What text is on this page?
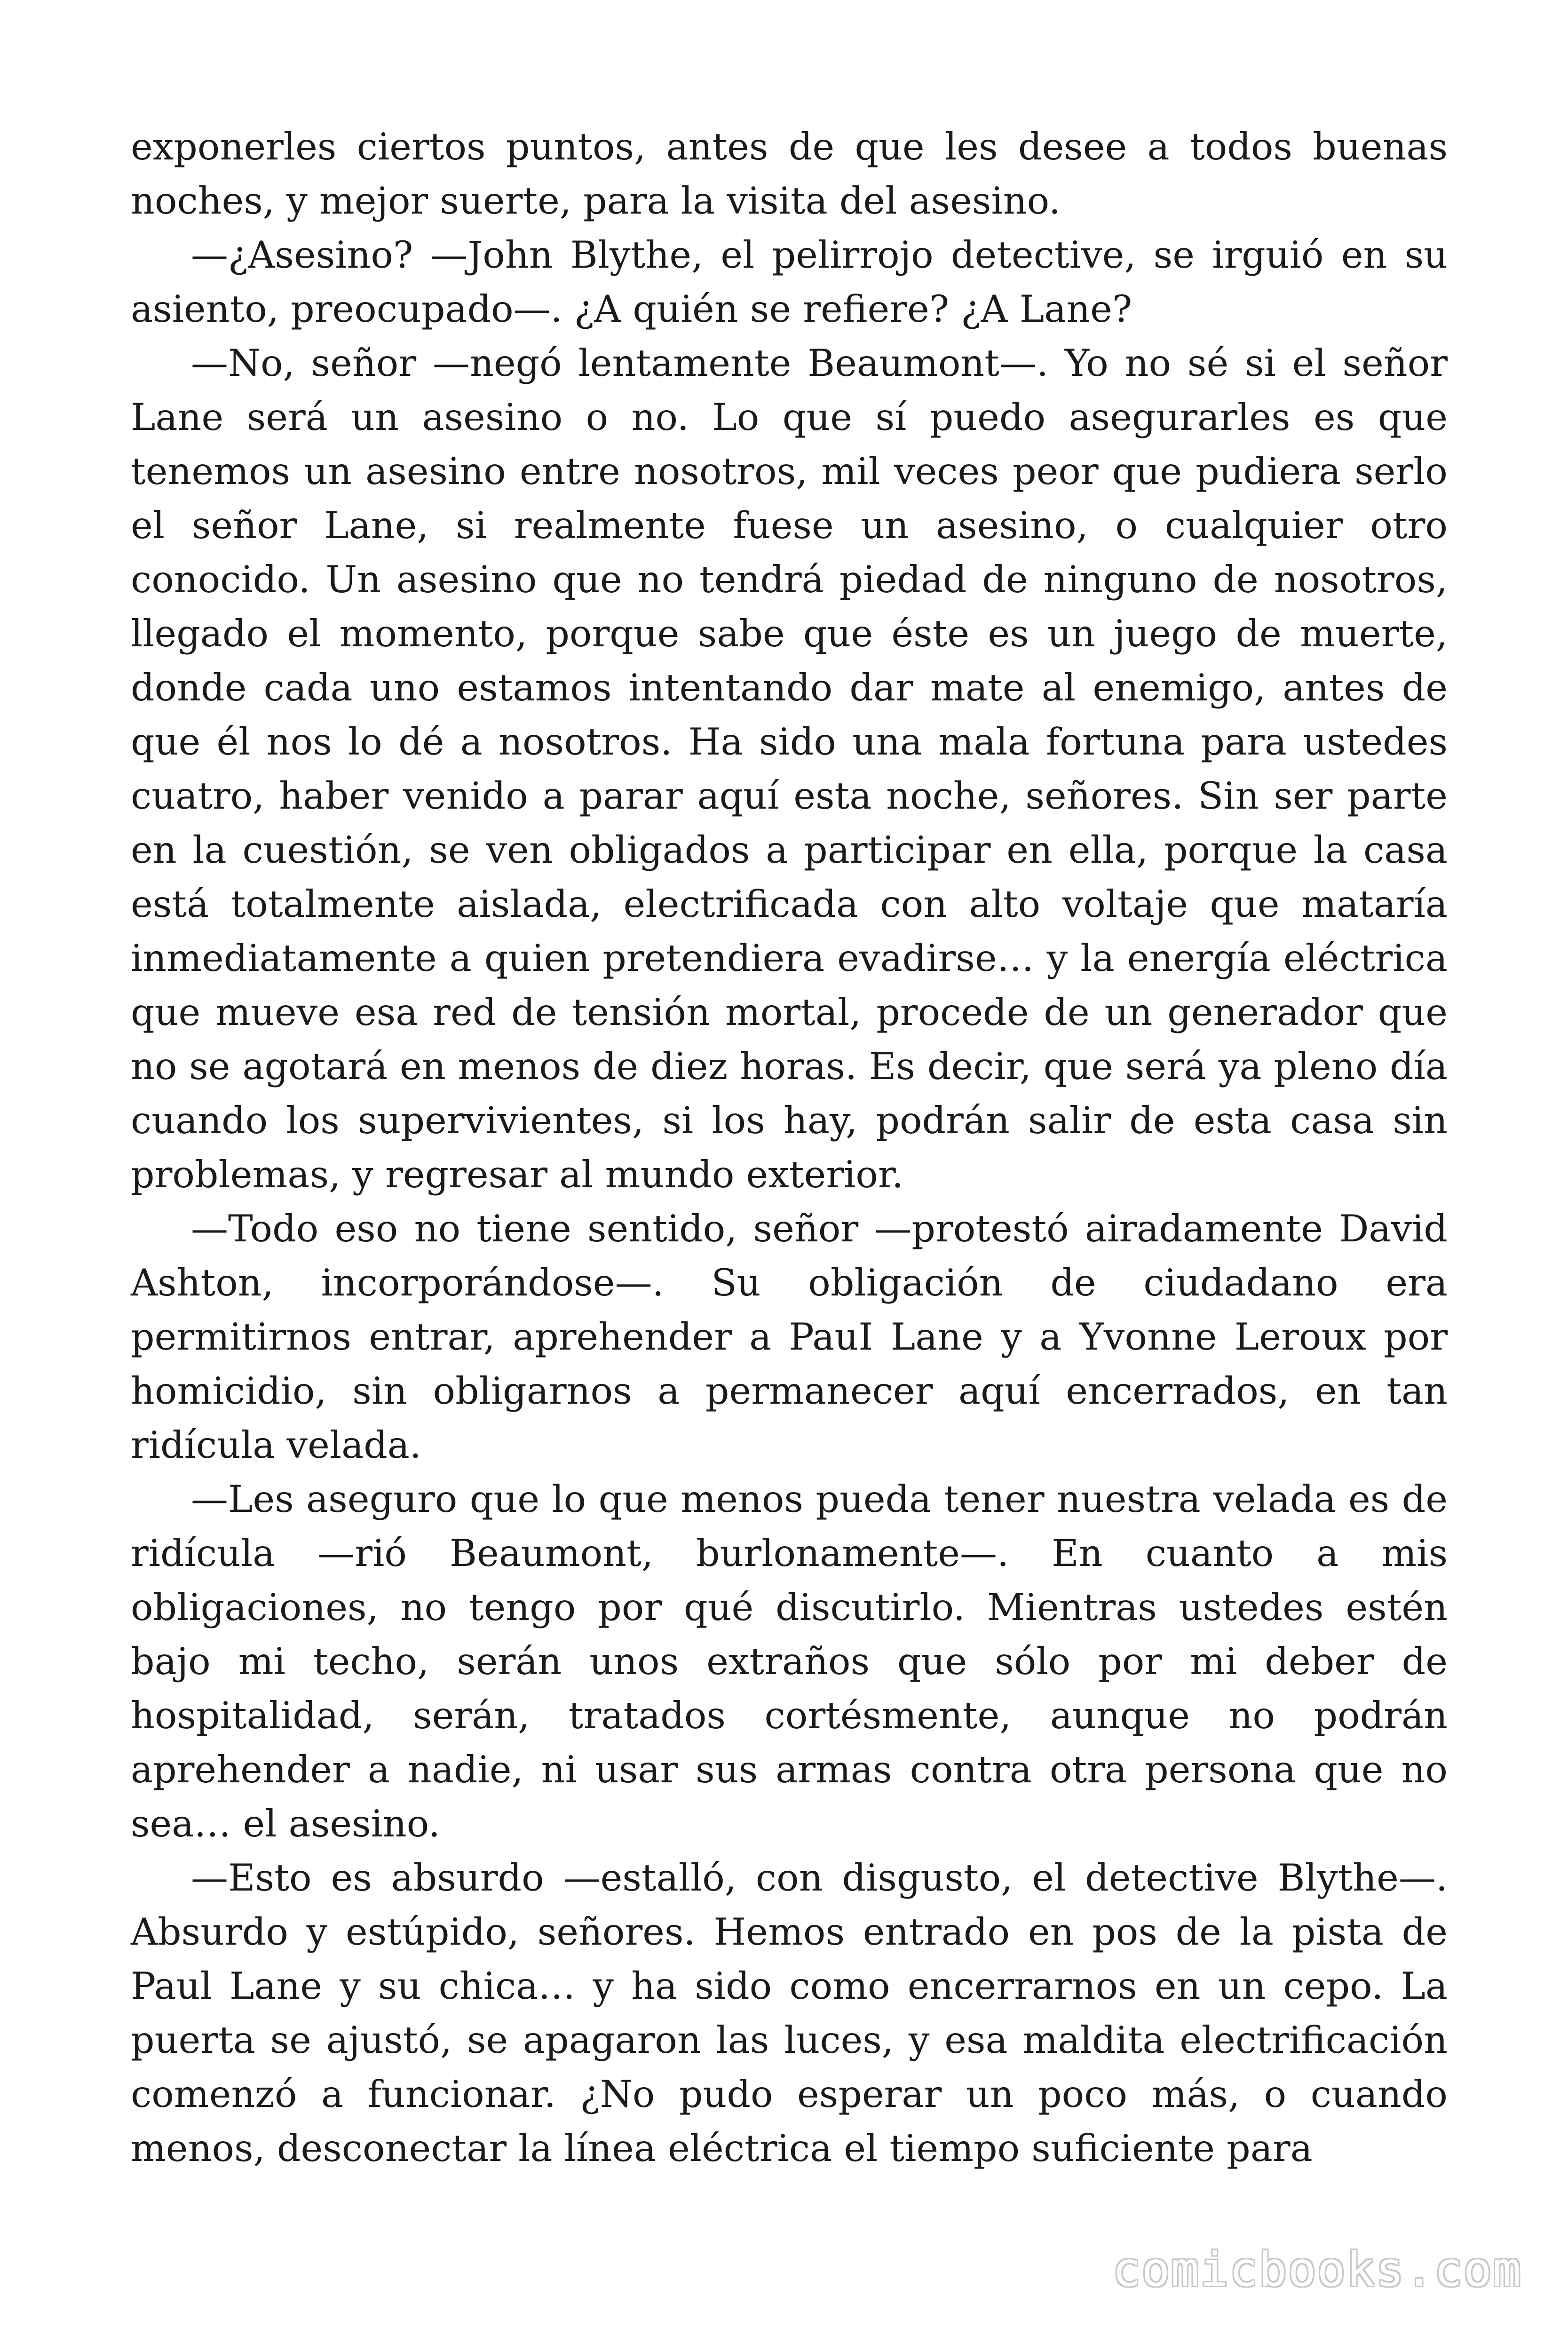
exponerles ciertos puntos, antes de que les desee a todos buenas noches, y mejor suerte, para la visita del asesino.

—¿Asesino? —John Blythe, el pelirrojo detective, se irguió en su asiento, preocupado—. ¿A quién se refiere? ¿A Lane?

—No, señor —negó lentamente Beaumont—. Yo no sé si el señor Lane será un asesino o no. Lo que sí puedo asegurarles es que tenemos un asesino entre nosotros, mil veces peor que pudiera serlo el señor Lane, si realmente fuese un asesino, o cualquier otro conocido. Un asesino que no tendrá piedad de ninguno de nosotros, llegado el momento, porque sabe que éste es un juego de muerte, donde cada uno estamos intentando dar mate al enemigo, antes de que él nos lo dé a nosotros. Ha sido una mala fortuna para ustedes cuatro, haber venido a parar aquí esta noche, señores. Sin ser parte en la cuestión, se ven obligados a participar en ella, porque la casa está totalmente aislada, electrificada con alto voltaje que mataría inmediatamente a quien pretendiera evadirse… y la energía eléctrica que mueve esa red de tensión mortal, procede de un generador que no se agotará en menos de diez horas. Es decir, que será ya pleno día cuando los supervivientes, si los hay, podrán salir de esta casa sin problemas, y regresar al mundo exterior.

—Todo eso no tiene sentido, señor —protestó airadamente David Ashton, incorporándose—. Su obligación de ciudadano era permitirnos entrar, aprehender a PauI Lane y a Yvonne Leroux por homicidio, sin obligarnos a permanecer aquí encerrados, en tan ridícula velada.

—Les aseguro que lo que menos pueda tener nuestra velada es de ridícula —rió Beaumont, burlonamente—. En cuanto a mis obligaciones, no tengo por qué discutirlo. Mientras ustedes estén bajo mi techo, serán unos extraños que sólo por mi deber de hospitalidad, serán, tratados cortésmente, aunque no podrán aprehender a nadie, ni usar sus armas contra otra persona que no sea… el asesino.

—Esto es absurdo —estalló, con disgusto, el detective Blythe—. Absurdo y estúpido, señores. Hemos entrado en pos de la pista de Paul Lane y su chica… y ha sido como encerrarnos en un cepo. La puerta se ajustó, se apagaron las luces, y esa maldita electrificación comenzó a funcionar. ¿No pudo esperar un poco más, o cuando menos, desconectar la línea eléctrica el tiempo suficiente para

comicbooks.com
